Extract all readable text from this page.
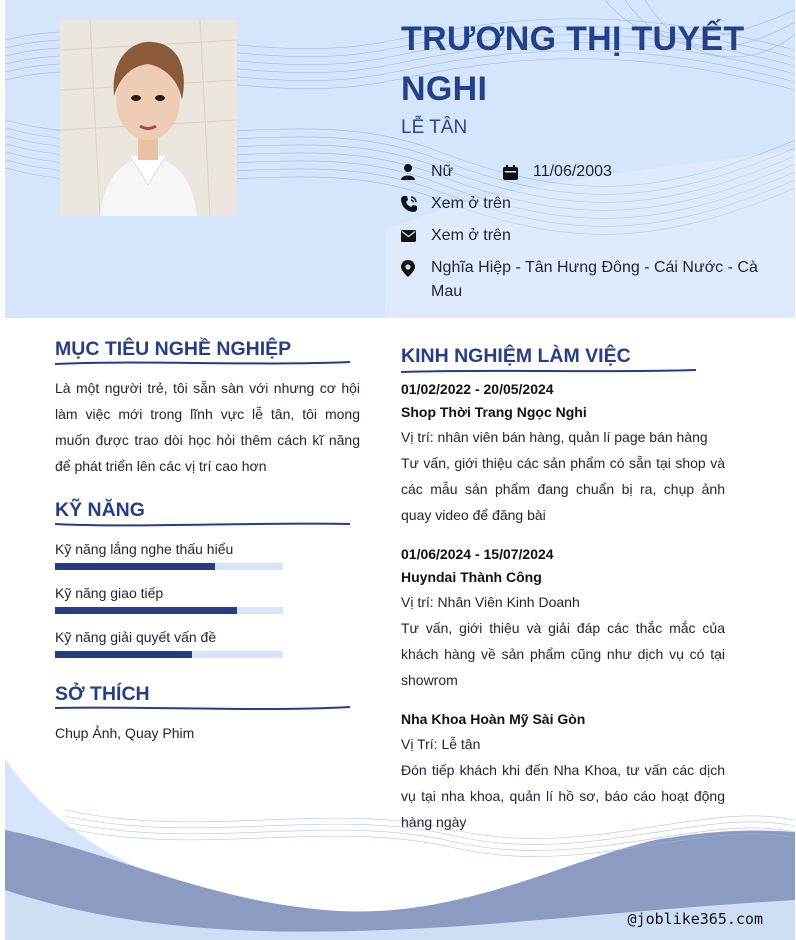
TRƯƠNG THỊ TUYẾT NGHI
LỄ TÂN
Nữ	11/06/2003
Xem ở trên
Xem ở trên
Nghĩa Hiệp - Tân Hưng Đông - Cái Nước - Cà Mau
MỤC TIÊU NGHỀ NGHIỆP
Là một người trẻ, tôi sẵn sàn với nhưng cơ hội làm việc mới trong lĩnh vực lễ tân, tôi mong muốn được trao dòi học hỏi thêm cách kĩ năng để phát triển lên các vị trí cao hơn
KỸ NĂNG
Kỹ năng lắng nghe thấu hiểu
Kỹ năng giao tiếp
Kỹ năng giải quyết vấn đề
SỞ THÍCH
Chụp Ảnh, Quay Phim
KINH NGHIỆM LÀM VIỆC
01/02/2022 - 20/05/2024
Shop Thời Trang Ngọc Nghi
Vị trí: nhân viên bán hàng, quản lí page bán hàng
Tư vấn, giới thiệu các sản phẩm có sẵn tại shop và các mẫu sản phẩm đang chuẩn bị ra, chụp ảnh quay video để đăng bài
01/06/2024 - 15/07/2024
Huyndai Thành Công
Vị trí: Nhân Viên Kinh Doanh
Tư vấn, giới thiệu và giải đáp các thắc mắc của khách hàng về sản phẩm cũng như dịch vụ có tại showrom
Nha Khoa Hoàn Mỹ Sài Gòn
Vị Trí: Lễ tân
Đón tiếp khách khi đến Nha Khoa, tư vấn các dịch vụ tại nha khoa, quản lí hồ sơ, báo cáo hoạt động hàng ngày
@joblike365.com
